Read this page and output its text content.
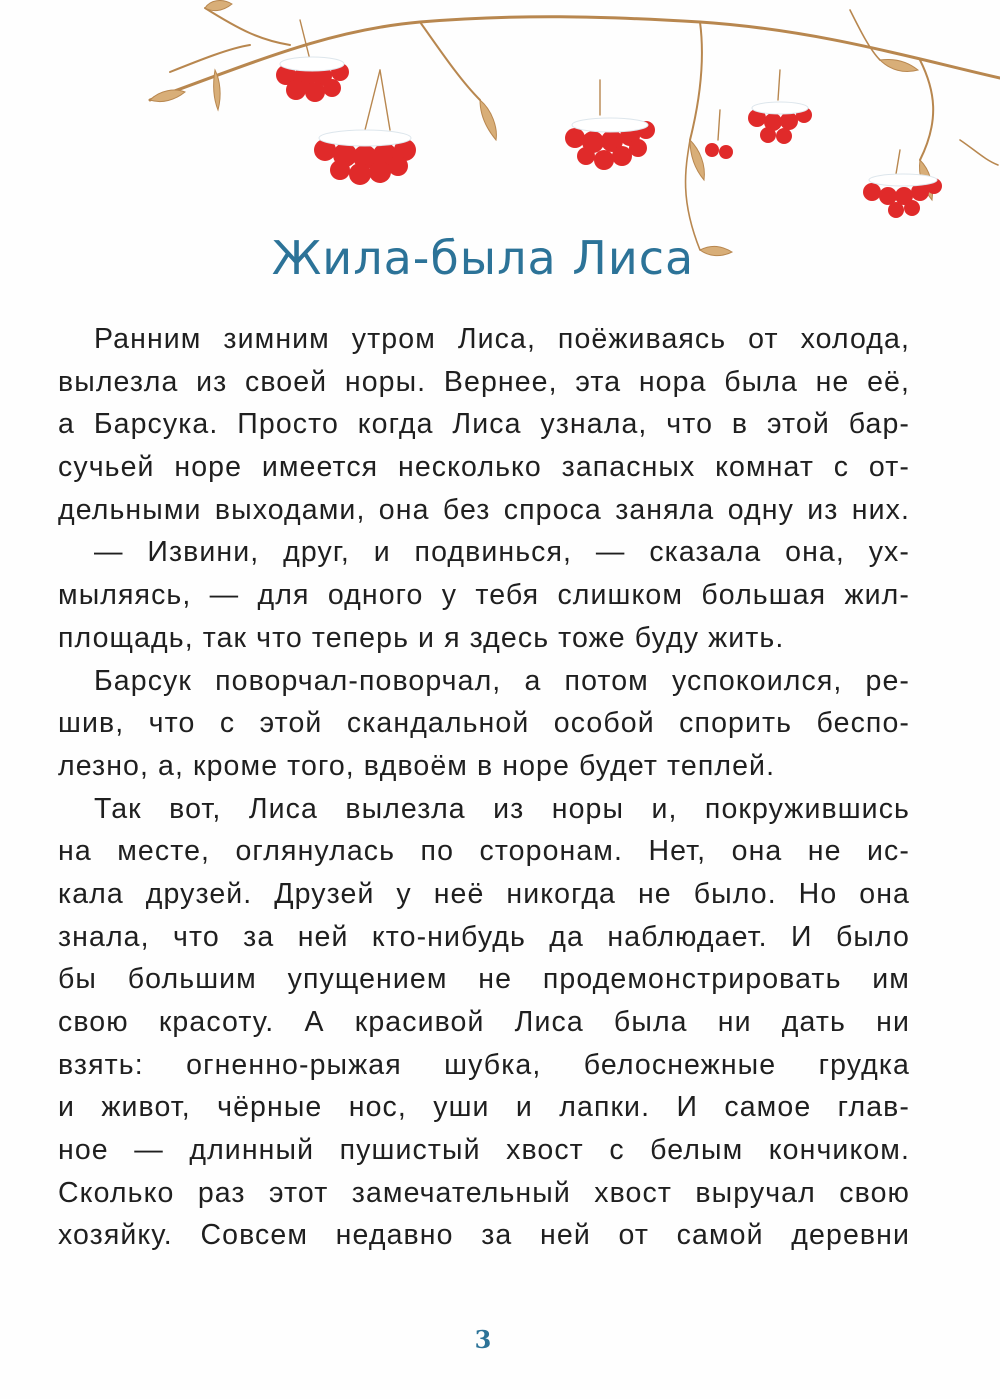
Жила-была Лиса
Ранним зимним утром Лиса, поёживаясь от холода,
вылезла из своей норы. Вернее, эта нора была не её,
а Барсука. Просто когда Лиса узнала, что в этой бар-
сучьей норе имеется несколько запасных комнат с от-
дельными выходами, она без спроса заняла одну из них.
— Извини, друг, и подвинься, — сказала она, ух-
мыляясь, — для одного у тебя слишком большая жил-
площадь, так что теперь и я здесь тоже буду жить.
Барсук поворчал-поворчал, а потом успокоился, ре-
шив, что с этой скандальной особой спорить беспо-
лезно, а, кроме того, вдвоём в норе будет теплей.
Так вот, Лиса вылезла из норы и, покружившись
на месте, оглянулась по сторонам. Нет, она не ис-
кала друзей. Друзей у неё никогда не было. Но она
знала, что за ней кто-нибудь да наблюдает. И было
бы большим упущением не продемонстрировать им
свою красоту. А красивой Лиса была ни дать ни
взять: огненно-рыжая шубка, белоснежные грудка
и живот, чёрные нос, уши и лапки. И самое глав-
ное — длинный пушистый хвост с белым кончиком.
Сколько раз этот замечательный хвост выручал свою
хозяйку. Совсем недавно за ней от самой деревни
3
